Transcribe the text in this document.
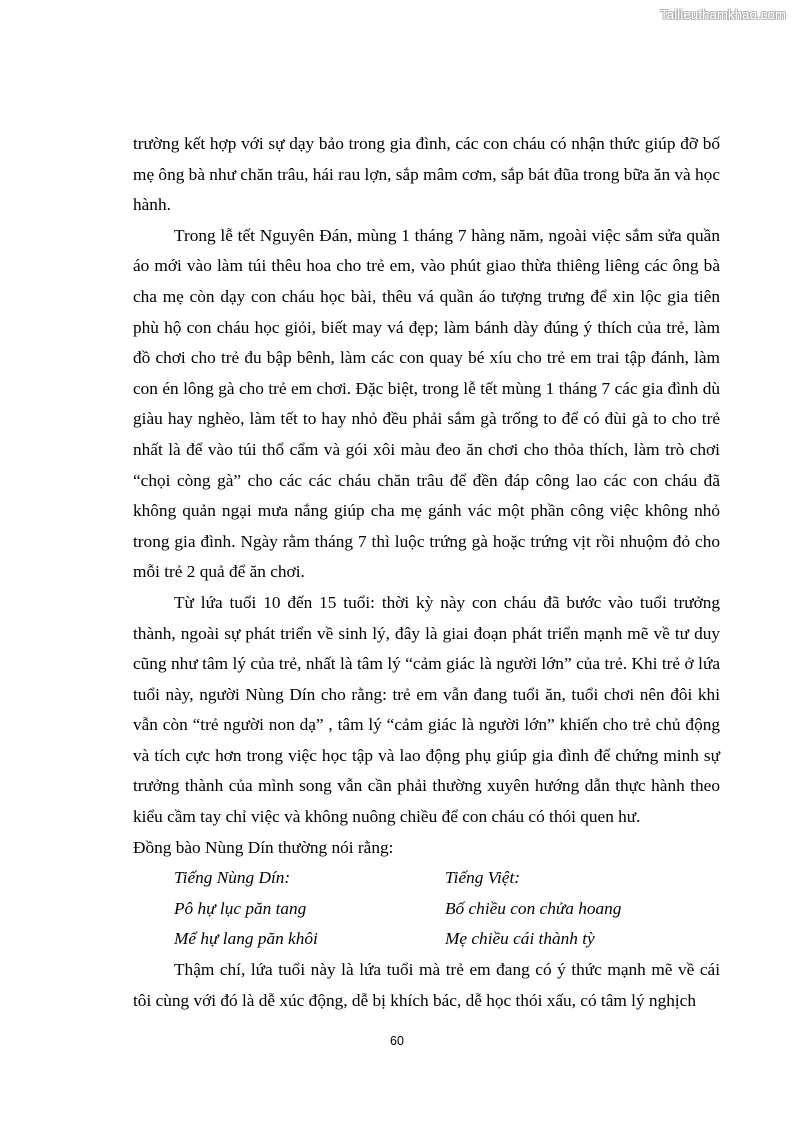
Tailieuthamkhao.com

trường kết hợp với sự dạy bảo trong gia đình, các con cháu có nhận thức giúp đỡ bố mẹ ông bà như chăn trâu, hái rau lợn, sắp mâm cơm, sắp bát đũa trong bữa ăn và học hành.

Trong lễ tết Nguyên Đán, mùng 1 tháng 7 hàng năm, ngoài việc sắm sửa quần áo mới vào làm túi thêu hoa cho trẻ em, vào phút giao thừa thiêng liêng các ông bà cha mẹ còn dạy con cháu học bài, thêu vá quần áo tượng trưng để xin lộc gia tiên phù hộ con cháu học giỏi, biết may vá đẹp; làm bánh dày đúng ý thích của trẻ, làm đồ chơi cho trẻ đu bập bênh, làm các con quay bé xíu cho trẻ em trai tập đánh, làm con én lông gà cho trẻ em chơi. Đặc biệt, trong lễ tết mùng 1 tháng 7 các gia đình dù giàu hay nghèo, làm tết to hay nhỏ đều phải sắm gà trống to để có đùi gà to cho trẻ nhất là để vào túi thổ cẩm và gói xôi màu đeo ăn chơi cho thỏa thích, làm trò chơi “chọi còng gà” cho các các cháu chăn trâu để đền đáp công lao các con cháu đã không quản ngại mưa nắng giúp cha mẹ gánh vác một phần công việc không nhỏ trong gia đình. Ngày rằm tháng 7 thì luộc trứng gà hoặc trứng vịt rồi nhuộm đỏ cho mỗi trẻ 2 quả để ăn chơi.

Từ lứa tuổi 10 đến 15 tuổi: thời kỳ này con cháu đã bước vào tuổi trưởng thành, ngoài sự phát triển về sinh lý, đây là giai đoạn phát triển mạnh mẽ về tư duy cũng như tâm lý của trẻ, nhất là tâm lý “cảm giác là người lớn” của trẻ. Khi trẻ ở lứa tuổi này, người Nùng Dín cho rằng: trẻ em vẫn đang tuổi ăn, tuổi chơi nên đôi khi vẫn còn “trẻ người non dạ” , tâm lý “cảm giác là người lớn” khiến cho trẻ chủ động và tích cực hơn trong việc học tập và lao động phụ giúp gia đình để chứng minh sự trưởng thành của mình song vẫn cần phải thường xuyên hướng dẫn thực hành theo kiểu cầm tay chỉ việc và không nuông chiều để con cháu có thói quen hư.

Đồng bào Nùng Dín thường nói rằng:

Tiếng Nùng Dín:	Tiếng Việt:
Pô hự lục păn tang	Bố chiều con chửa hoang
Mể hự lang păn khôi	Mẹ chiều cái thành tỳ

Thậm chí, lứa tuổi này là lứa tuổi mà trẻ em đang có ý thức mạnh mẽ về cái tôi cùng với đó là dễ xúc động, dễ bị khích bác, dễ học thói xấu, có tâm lý nghịch

60
